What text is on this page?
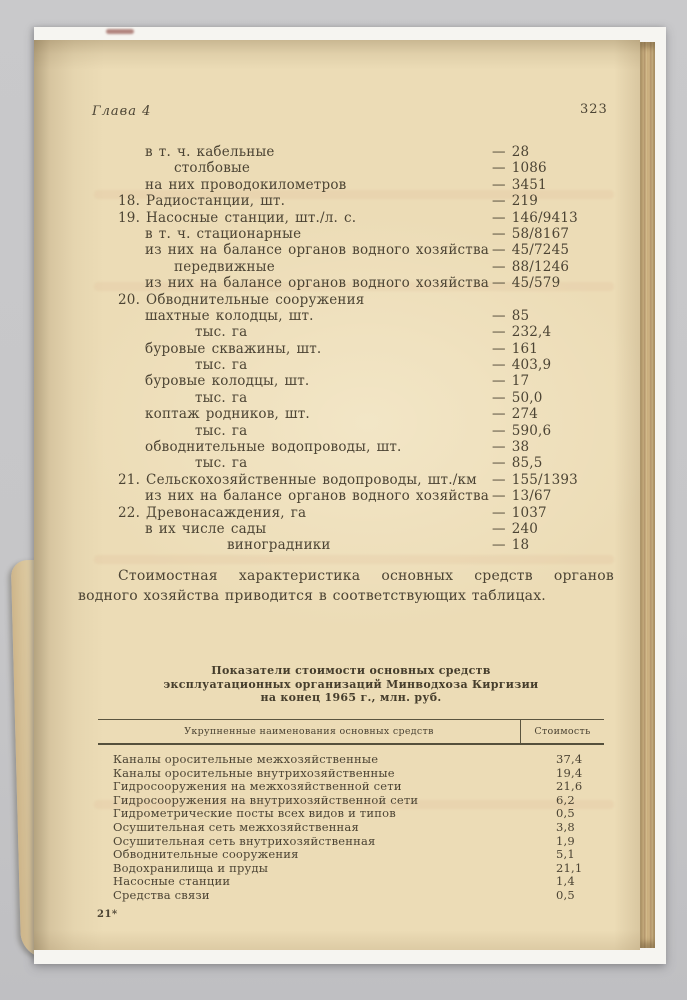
Глава 4	323
в т. ч. кабельные	— 28
столбовые	— 1086
на них проводокилометров	— 3451
18. Радиостанции, шт.	— 219
19. Насосные станции, шт./л. с.	— 146/9413
в т. ч. стационарные	— 58/8167
из них на балансе органов водного хозяйства — 45/7245
передвижные	— 88/1246
из них на балансе органов водного хозяйства — 45/579
20. Обводнительные сооружения
шахтные колодцы, шт.	— 85
тыс. га	— 232,4
буровые скважины, шт.	— 161
тыс. га	— 403,9
буровые колодцы, шт.	— 17
тыс. га	— 50,0
коптаж родников, шт.	— 274
тыс. га	— 590,6
обводнительные водопроводы, шт.	— 38
тыс. га	— 85,5
21. Сельскохозяйственные водопроводы, шт./км — 155/1393
из них на балансе органов водного хозяйства — 13/67
22. Древонасаждения, га	— 1037
в их числе сады	— 240
виноградники	— 18
Стоимостная характеристика основных средств органов водного хозяйства приводится в соответствующих таблицах.
Показатели стоимости основных средств
эксплуатационных организаций Минводхоза Киргизии
на конец 1965 г., млн. руб.
Укрупненные наименования основных средств	Стоимость
Каналы оросительные межхозяйственные	37,4
Каналы оросительные внутрихозяйственные	19,4
Гидросооружения на межхозяйственной сети	21,6
Гидросооружения на внутрихозяйственной сети	6,2
Гидрометрические посты всех видов и типов	0,5
Осушительная сеть межхозяйственная	3,8
Осушительная сеть внутрихозяйственная	1,9
Обводнительные сооружения	5,1
Водохранилища и пруды	21,1
Насосные станции	1,4
Средства связи	0,5
21*
